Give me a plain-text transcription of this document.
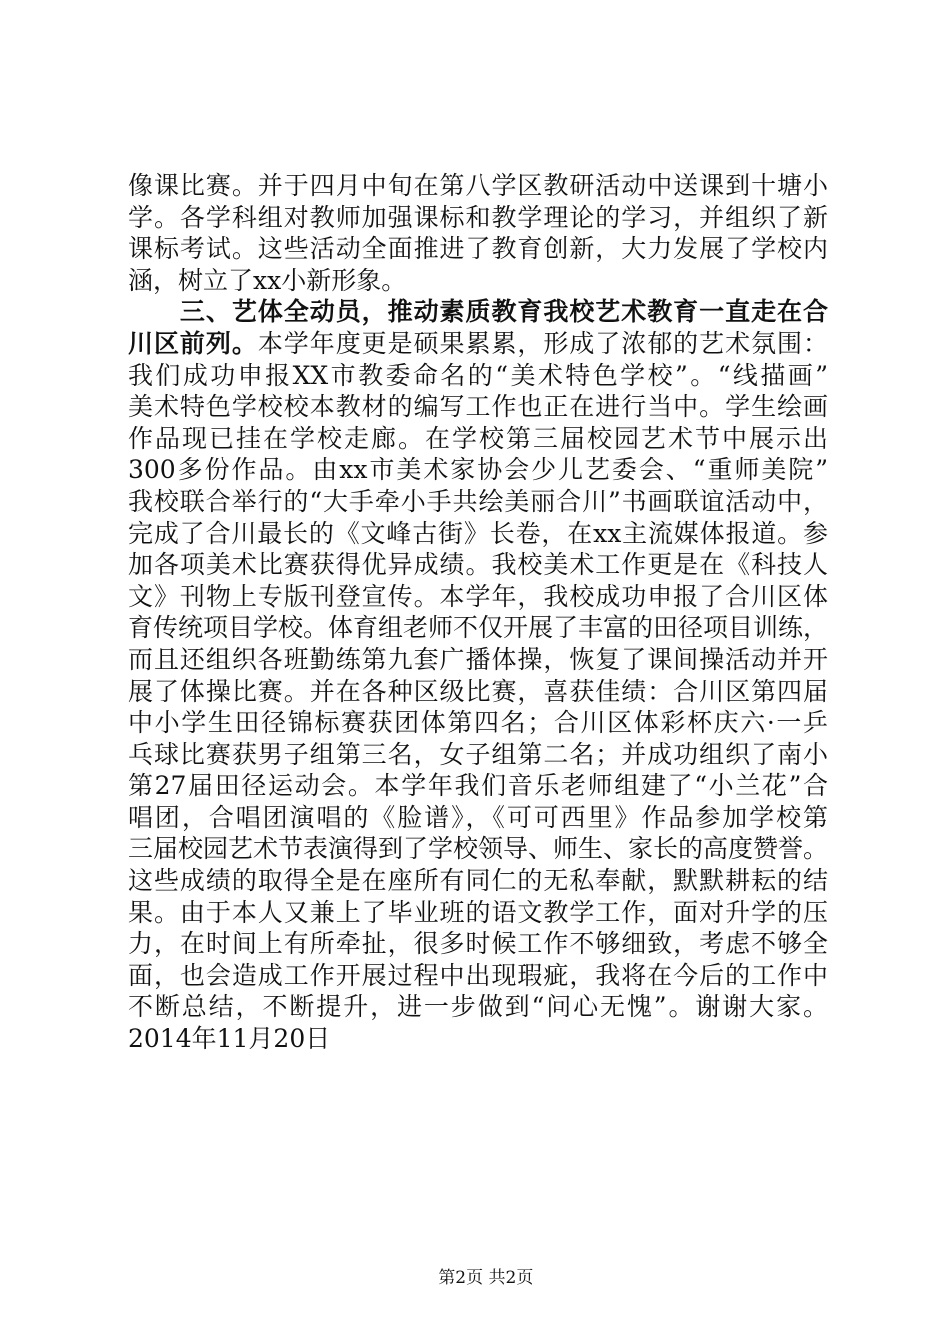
像课比赛。并于四月中旬在第八学区教研活动中送课到十塘小
学。各学科组对教师加强课标和教学理论的学习，并组织了新
课标考试。这些活动全面推进了教育创新，大力发展了学校内
涵，树立了xx小新形象。
　　三、艺体全动员，推动素质教育我校艺术教育一直走在合
川区前列。本学年度更是硕果累累，形成了浓郁的艺术氛围：
我们成功申报XX市教委命名的“美术特色学校”。“线描画”
美术特色学校校本教材的编写工作也正在进行当中。学生绘画
作品现已挂在学校走廊。在学校第三届校园艺术节中展示出
300多份作品。由xx市美术家协会少儿艺委会、“重师美院”
我校联合举行的“大手牵小手共绘美丽合川”书画联谊活动中，
完成了合川最长的《文峰古街》长卷，在xx主流媒体报道。参
加各项美术比赛获得优异成绩。我校美术工作更是在《科技人
文》刊物上专版刊登宣传。本学年，我校成功申报了合川区体
育传统项目学校。体育组老师不仅开展了丰富的田径项目训练，
而且还组织各班勤练第九套广播体操，恢复了课间操活动并开
展了体操比赛。并在各种区级比赛，喜获佳绩：合川区第四届
中小学生田径锦标赛获团体第四名；合川区体彩杯庆六·一乒
乓球比赛获男子组第三名，女子组第二名；并成功组织了南小
第27届田径运动会。本学年我们音乐老师组建了“小兰花”合
唱团，合唱团演唱的《脸谱》，《可可西里》作品参加学校第
三届校园艺术节表演得到了学校领导、师生、家长的高度赞誉。
这些成绩的取得全是在座所有同仁的无私奉献，默默耕耘的结
果。由于本人又兼上了毕业班的语文教学工作，面对升学的压
力，在时间上有所牵扯，很多时候工作不够细致，考虑不够全
面，也会造成工作开展过程中出现瑕疵，我将在今后的工作中
不断总结，不断提升，进一步做到“问心无愧”。谢谢大家。
2014年11月20日

第2页 共2页
